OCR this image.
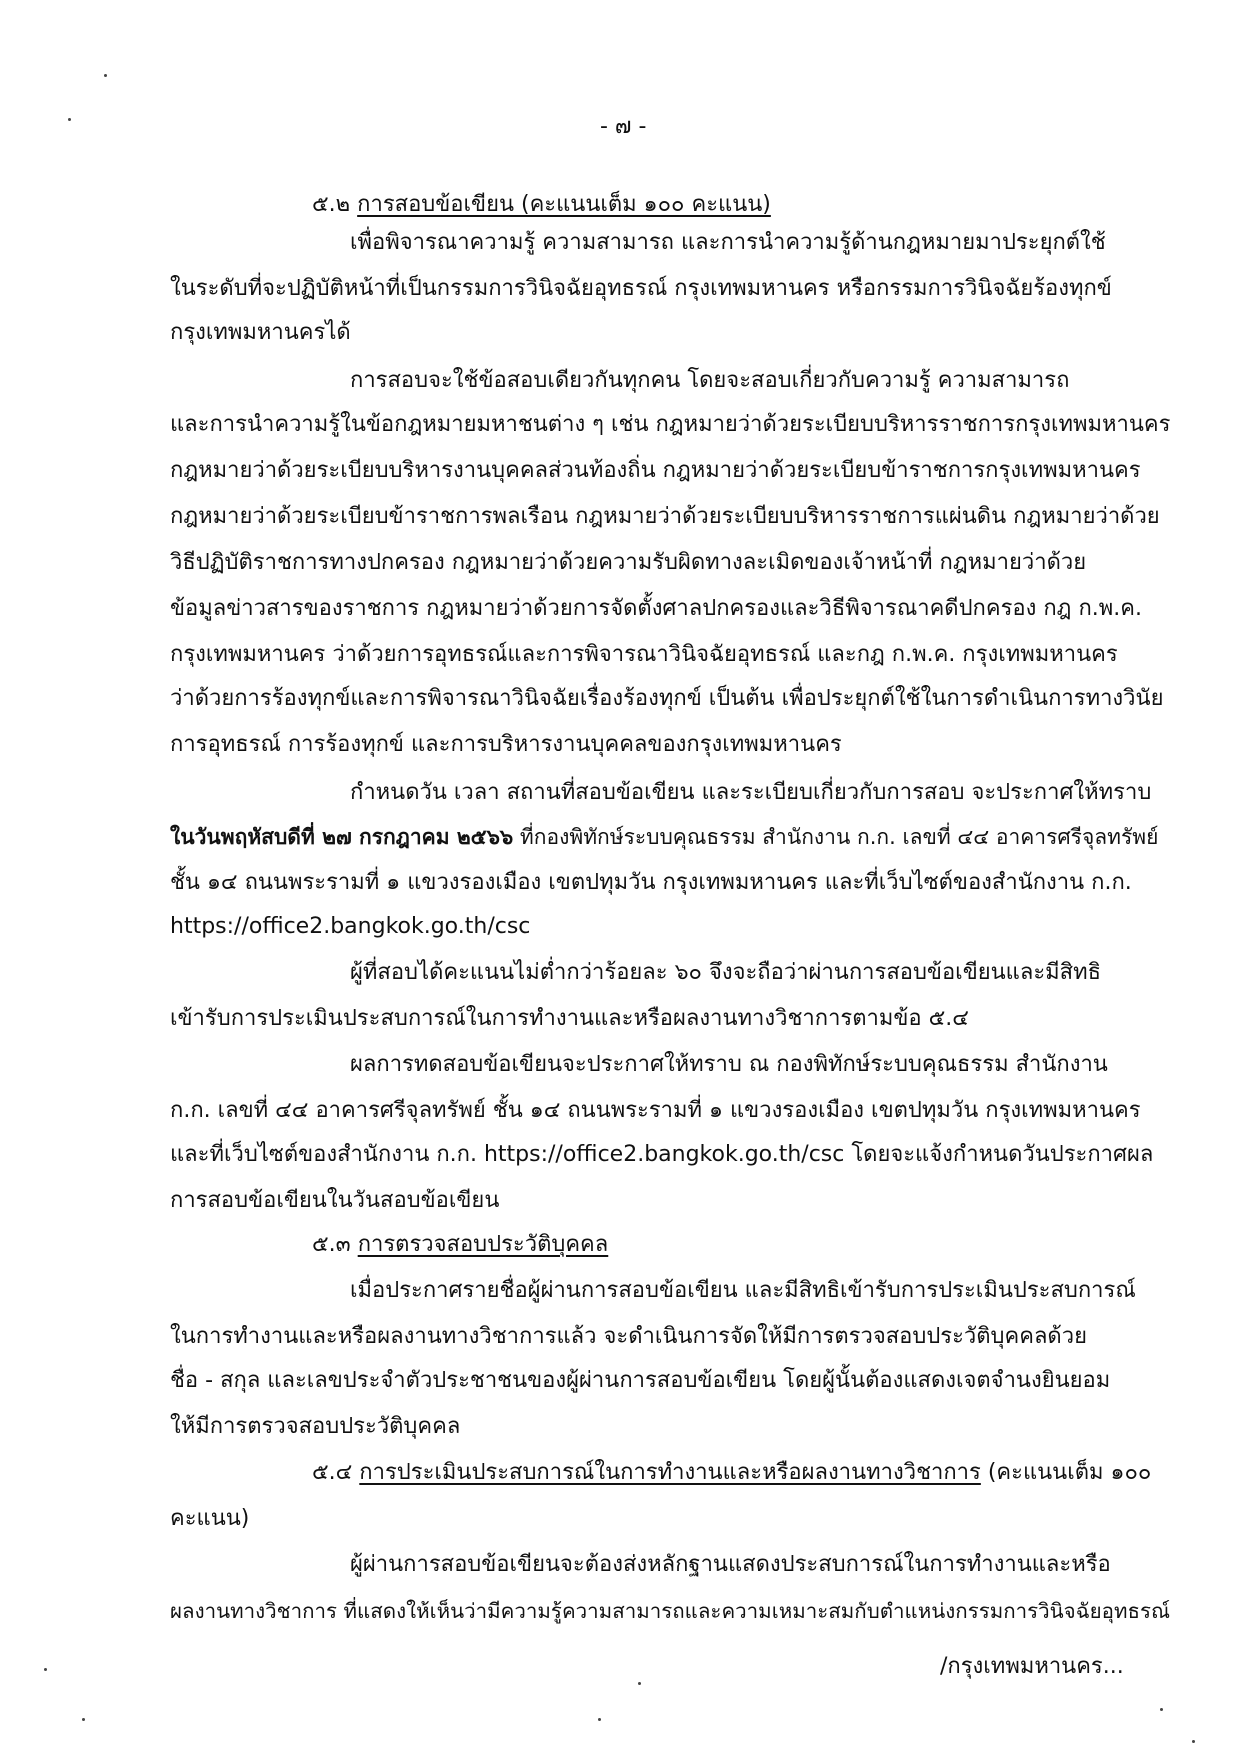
- ๗ -
๕.๒ การสอบข้อเขียน (คะแนนเต็ม ๑๐๐ คะแนน)
เพื่อพิจารณาความรู้ ความสามารถ และการนำความรู้ด้านกฎหมายมาประยุกต์ใช้
ในระดับที่จะปฏิบัติหน้าที่เป็นกรรมการวินิจฉัยอุทธรณ์ กรุงเทพมหานคร หรือกรรมการวินิจฉัยร้องทุกข์
กรุงเทพมหานครได้
การสอบจะใช้ข้อสอบเดียวกันทุกคน โดยจะสอบเกี่ยวกับความรู้ ความสามารถ
และการนำความรู้ในข้อกฎหมายมหาชนต่าง ๆ เช่น กฎหมายว่าด้วยระเบียบบริหารราชการกรุงเทพมหานคร
กฎหมายว่าด้วยระเบียบบริหารงานบุคคลส่วนท้องถิ่น กฎหมายว่าด้วยระเบียบข้าราชการกรุงเทพมหานคร
กฎหมายว่าด้วยระเบียบข้าราชการพลเรือน กฎหมายว่าด้วยระเบียบบริหารราชการแผ่นดิน กฎหมายว่าด้วย
วิธีปฏิบัติราชการทางปกครอง กฎหมายว่าด้วยความรับผิดทางละเมิดของเจ้าหน้าที่ กฎหมายว่าด้วย
ข้อมูลข่าวสารของราชการ กฎหมายว่าด้วยการจัดตั้งศาลปกครองและวิธีพิจารณาคดีปกครอง กฎ ก.พ.ค.
กรุงเทพมหานคร ว่าด้วยการอุทธรณ์และการพิจารณาวินิจฉัยอุทธรณ์ และกฎ ก.พ.ค. กรุงเทพมหานคร
ว่าด้วยการร้องทุกข์และการพิจารณาวินิจฉัยเรื่องร้องทุกข์ เป็นต้น เพื่อประยุกต์ใช้ในการดำเนินการทางวินัย
การอุทธรณ์ การร้องทุกข์ และการบริหารงานบุคคลของกรุงเทพมหานคร
กำหนดวัน เวลา สถานที่สอบข้อเขียน และระเบียบเกี่ยวกับการสอบ จะประกาศให้ทราบ
ในวันพฤหัสบดีที่ ๒๗ กรกฎาคม ๒๕๖๖ ที่กองพิทักษ์ระบบคุณธรรม สำนักงาน ก.ก. เลขที่ ๔๔ อาคารศรีจุลทรัพย์
ชั้น ๑๔ ถนนพระรามที่ ๑ แขวงรองเมือง เขตปทุมวัน กรุงเทพมหานคร และที่เว็บไซต์ของสำนักงาน ก.ก.
https://office2.bangkok.go.th/csc
ผู้ที่สอบได้คะแนนไม่ต่ำกว่าร้อยละ ๖๐ จึงจะถือว่าผ่านการสอบข้อเขียนและมีสิทธิ
เข้ารับการประเมินประสบการณ์ในการทำงานและหรือผลงานทางวิชาการตามข้อ ๕.๔
ผลการทดสอบข้อเขียนจะประกาศให้ทราบ ณ กองพิทักษ์ระบบคุณธรรม สำนักงาน
ก.ก. เลขที่ ๔๔ อาคารศรีจุลทรัพย์ ชั้น ๑๔ ถนนพระรามที่ ๑ แขวงรองเมือง เขตปทุมวัน กรุงเทพมหานคร
และที่เว็บไซต์ของสำนักงาน ก.ก. https://office2.bangkok.go.th/csc โดยจะแจ้งกำหนดวันประกาศผล
การสอบข้อเขียนในวันสอบข้อเขียน
๕.๓ การตรวจสอบประวัติบุคคล
เมื่อประกาศรายชื่อผู้ผ่านการสอบข้อเขียน และมีสิทธิเข้ารับการประเมินประสบการณ์
ในการทำงานและหรือผลงานทางวิชาการแล้ว จะดำเนินการจัดให้มีการตรวจสอบประวัติบุคคลด้วย
ชื่อ - สกุล และเลขประจำตัวประชาชนของผู้ผ่านการสอบข้อเขียน โดยผู้นั้นต้องแสดงเจตจำนงยินยอม
ให้มีการตรวจสอบประวัติบุคคล
๕.๔ การประเมินประสบการณ์ในการทำงานและหรือผลงานทางวิชาการ (คะแนนเต็ม ๑๐๐
คะแนน)
ผู้ผ่านการสอบข้อเขียนจะต้องส่งหลักฐานแสดงประสบการณ์ในการทำงานและหรือ
ผลงานทางวิชาการ ที่แสดงให้เห็นว่ามีความรู้ความสามารถและความเหมาะสมกับตำแหน่งกรรมการวินิจฉัยอุทธรณ์
/กรุงเทพมหานคร...
